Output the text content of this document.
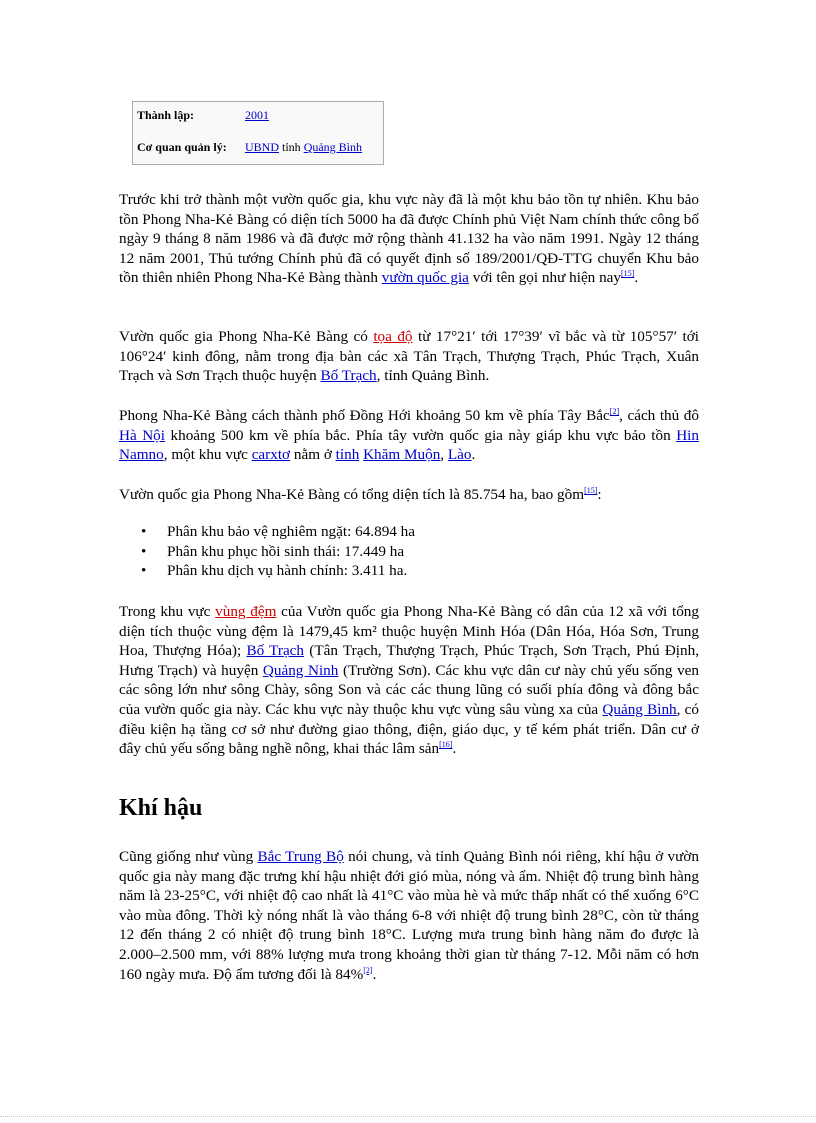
Thành lập:	2001
Cơ quan quản lý: UBND tỉnh Quảng Bình

Trước khi trở thành một vườn quốc gia, khu vực này đã là một khu bảo tồn tự nhiên. Khu bảo tồn Phong Nha-Kẻ Bàng có diện tích 5000 ha đã được Chính phủ Việt Nam chính thức công bố ngày 9 tháng 8 năm 1986 và đã được mở rộng thành 41.132 ha vào năm 1991. Ngày 12 tháng 12 năm 2001, Thủ tướng Chính phủ đã có quyết định số 189/2001/QĐ-TTG chuyển Khu bảo tồn thiên nhiên Phong Nha-Kẻ Bàng thành vườn quốc gia với tên gọi như hiện nay[15].

Vườn quốc gia Phong Nha-Kẻ Bàng có tọa độ từ 17°21′ tới 17°39′ vĩ bắc và từ 105°57′ tới 106°24′ kinh đông, nằm trong địa bàn các xã Tân Trạch, Thượng Trạch, Phúc Trạch, Xuân Trạch và Sơn Trạch thuộc huyện Bố Trạch, tỉnh Quảng Bình.

Phong Nha-Kẻ Bàng cách thành phố Đồng Hới khoảng 50 km về phía Tây Bắc[2], cách thủ đô Hà Nội khoảng 500 km về phía bắc. Phía tây vườn quốc gia này giáp khu vực bảo tồn Hin Namno, một khu vực carxtơ nằm ở tỉnh Khăm Muộn, Lào.

Vườn quốc gia Phong Nha-Kẻ Bàng có tổng diện tích là 85.754 ha, bao gồm[15]:

• Phân khu bảo vệ nghiêm ngặt: 64.894 ha
• Phân khu phục hồi sinh thái: 17.449 ha
• Phân khu dịch vụ hành chính: 3.411 ha.

Trong khu vực vùng đệm của Vườn quốc gia Phong Nha-Kẻ Bàng có dân của 12 xã với tổng diện tích thuộc vùng đệm là 1479,45 km² thuộc huyện Minh Hóa (Dân Hóa, Hóa Sơn, Trung Hoa, Thượng Hóa); Bố Trạch (Tân Trạch, Thượng Trạch, Phúc Trạch, Sơn Trạch, Phú Định, Hưng Trạch) và huyện Quảng Ninh (Trường Sơn). Các khu vực dân cư này chủ yếu sống ven các sông lớn như sông Chày, sông Son và các các thung lũng có suối phía đông và đông bắc của vườn quốc gia này. Các khu vực này thuộc khu vực vùng sâu vùng xa của Quảng Bình, có điều kiện hạ tầng cơ sở như đường giao thông, điện, giáo dục, y tế kém phát triển. Dân cư ở đây chủ yếu sống bằng nghề nông, khai thác lâm sản[16].

Khí hậu

Cũng giống như vùng Bắc Trung Bộ nói chung, và tỉnh Quảng Bình nói riêng, khí hậu ở vườn quốc gia này mang đặc trưng khí hậu nhiệt đới gió mùa, nóng và ẩm. Nhiệt độ trung bình hàng năm là 23-25°C, với nhiệt độ cao nhất là 41°C vào mùa hè và mức thấp nhất có thể xuống 6°C vào mùa đông. Thời kỳ nóng nhất là vào tháng 6-8 với nhiệt độ trung bình 28°C, còn từ tháng 12 đến tháng 2 có nhiệt độ trung bình 18°C. Lượng mưa trung bình hàng năm đo được là 2.000–2.500 mm, với 88% lượng mưa trong khoảng thời gian từ tháng 7-12. Mỗi năm có hơn 160 ngày mưa. Độ ẩm tương đối là 84%[2].
